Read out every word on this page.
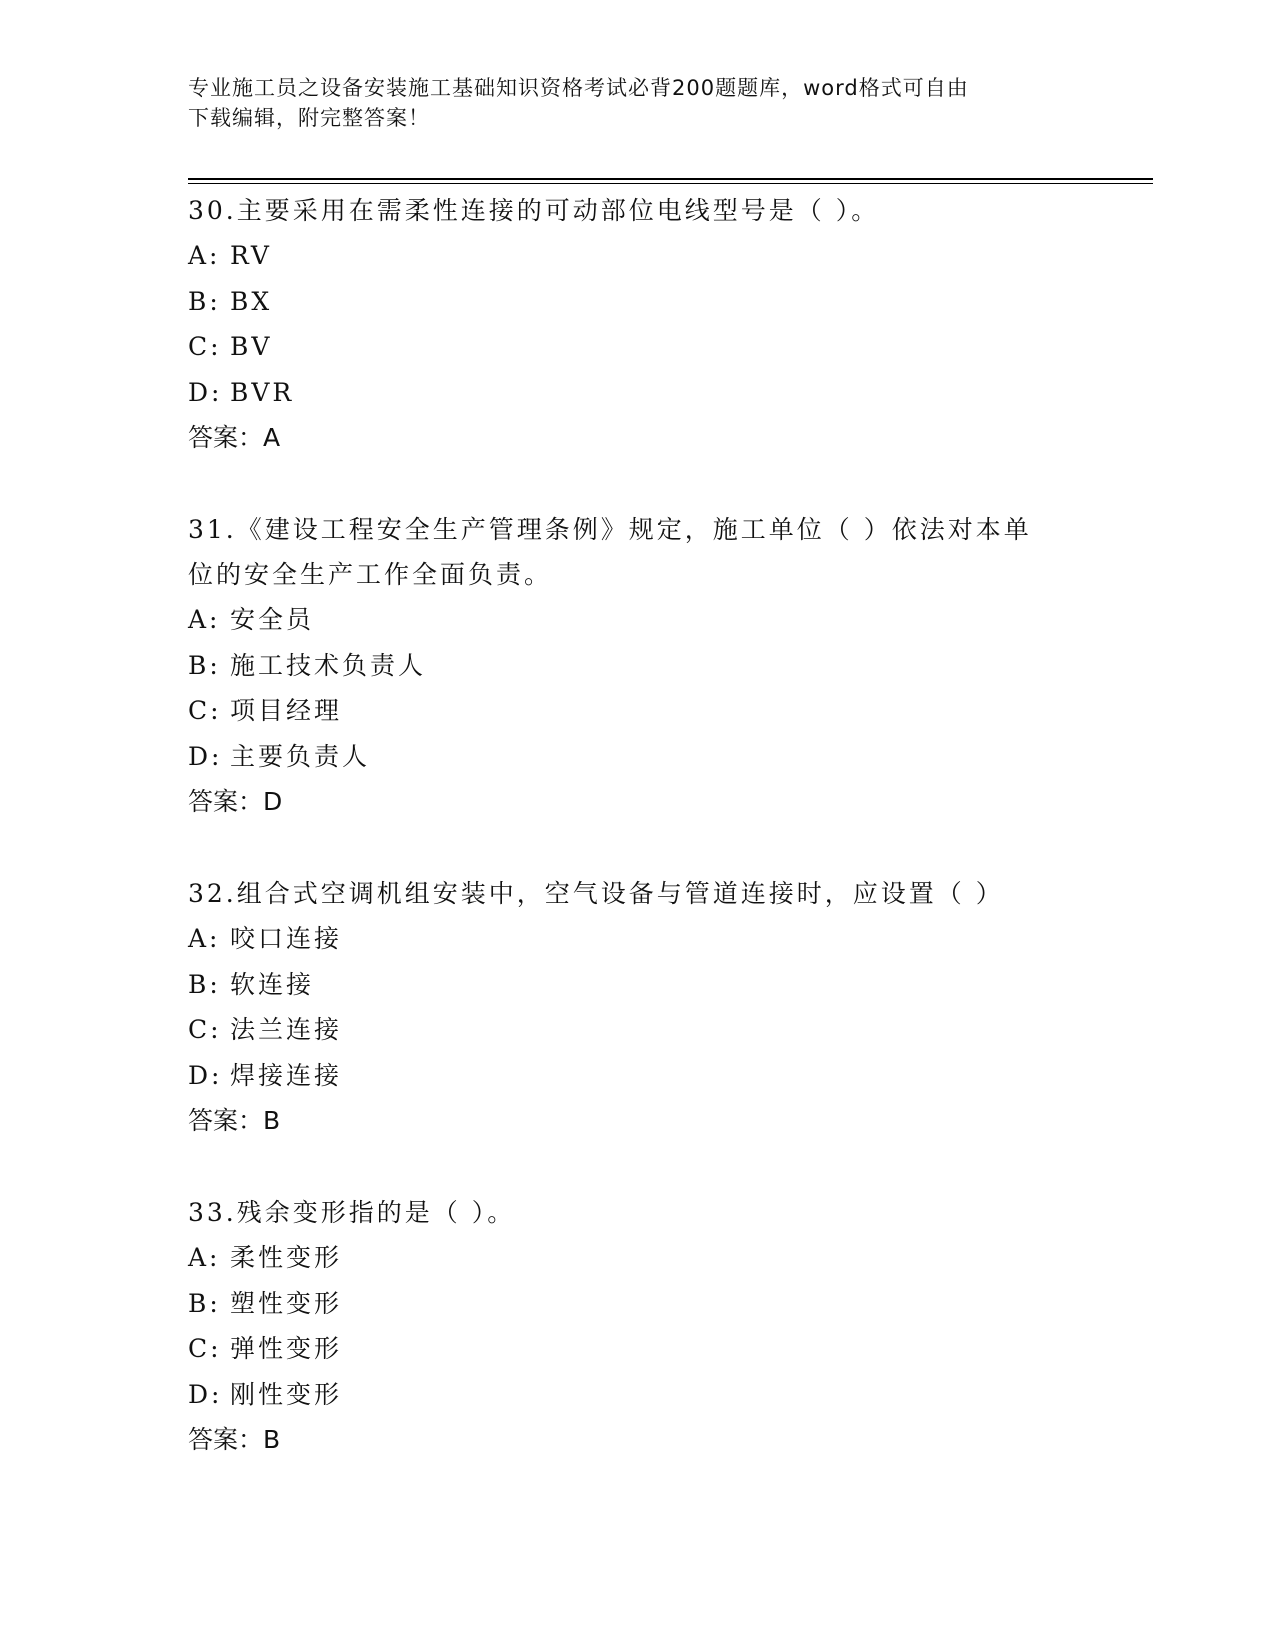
专业施工员之设备安装施工基础知识资格考试必背200题题库，word格式可自由
下载编辑，附完整答案！

30.主要采用在需柔性连接的可动部位电线型号是（ ）。

A: RV
B: BX
C: BV
D: BVR
答案：A

31.《建设工程安全生产管理条例》规定，施工单位（ ）依法对本单

位的安全生产工作全面负责。

A: 安全员
B: 施工技术负责人
C: 项目经理
D: 主要负责人
答案：D

32.组合式空调机组安装中，空气设备与管道连接时，应设置（ ）

A: 咬口连接
B: 软连接
C: 法兰连接
D: 焊接连接
答案：B

33.残余变形指的是（ ）。

A: 柔性变形
B: 塑性变形
C: 弹性变形
D: 刚性变形
答案：B
